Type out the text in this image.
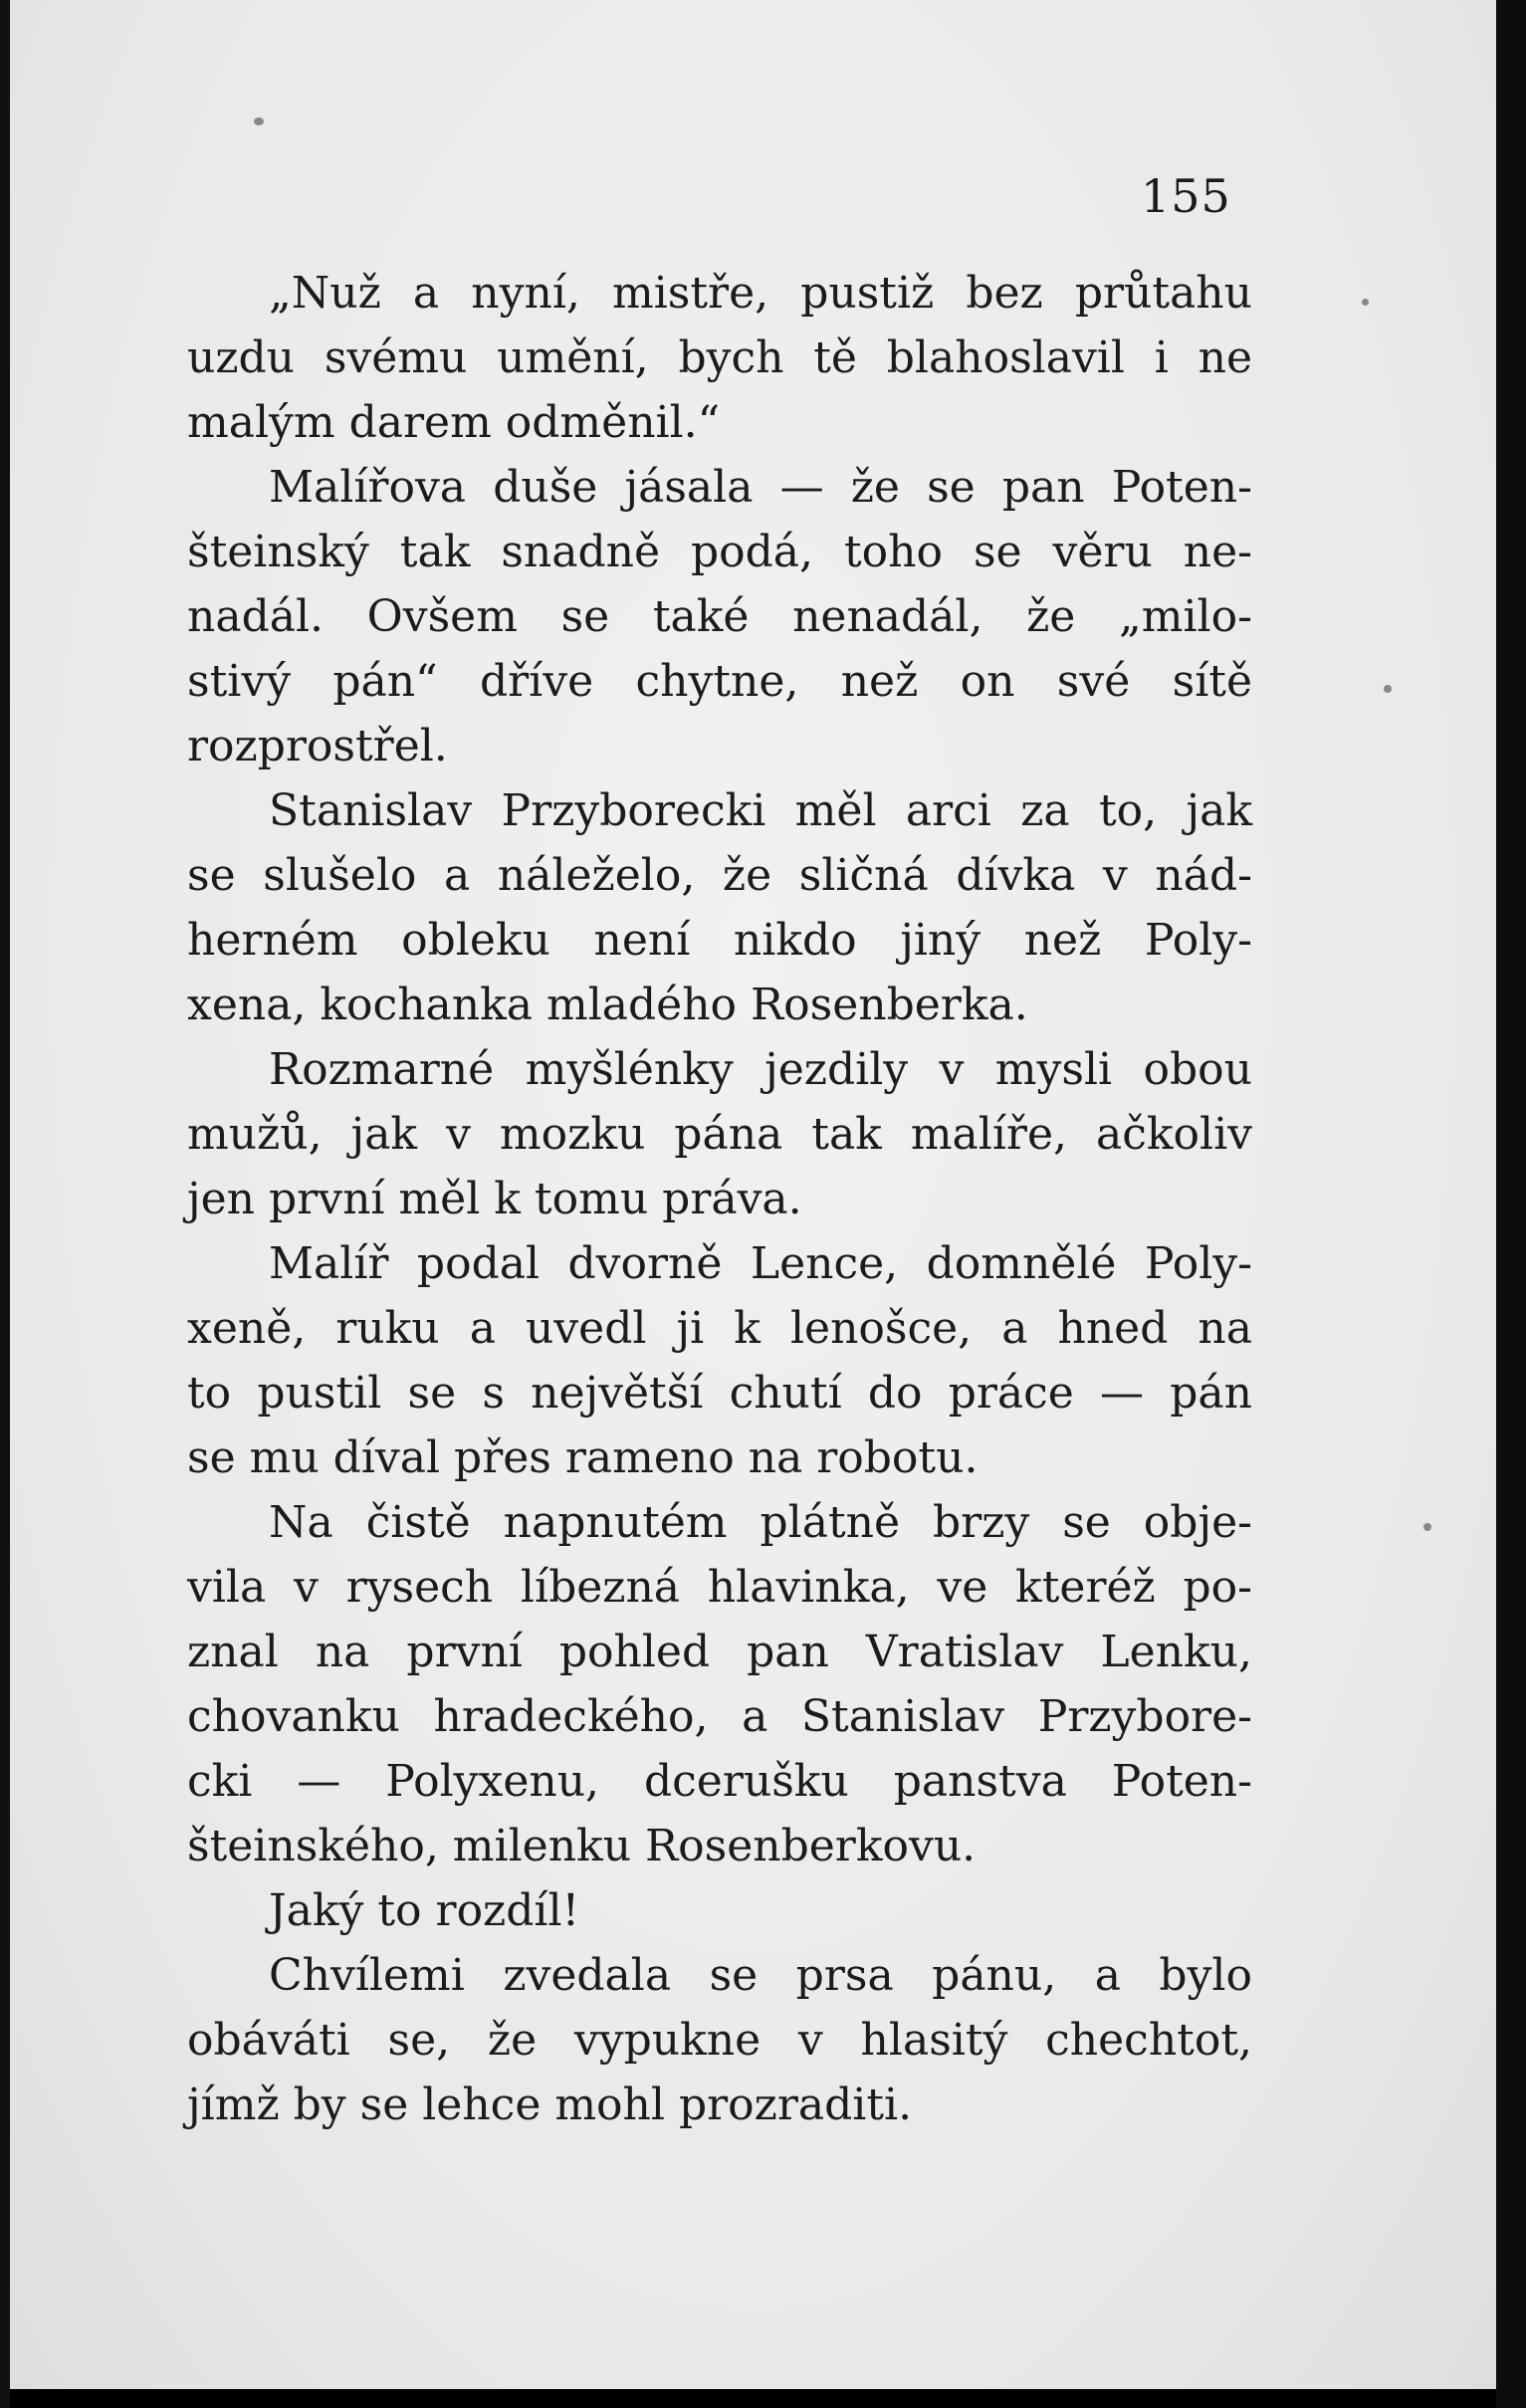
155
„Nuž a nyní, mistře, pustiž bez průtahu
uzdu svému umění, bych tě blahoslavil i ne
malým darem odměnil.“
Malířova duše jásala — že se pan Poten-
šteinský tak snadně podá, toho se věru ne-
nadál. Ovšem se také nenadál, že „milo-
stivý pán“ dříve chytne, než on své sítě
rozprostřel.
Stanislav Przyborecki měl arci za to, jak
se slušelo a náleželo, že sličná dívka v nád-
herném obleku není nikdo jiný než Poly-
xena, kochanka mladého Rosenberka.
Rozmarné myšlénky jezdily v mysli obou
mužů, jak v mozku pána tak malíře, ačkoliv
jen první měl k tomu práva.
Malíř podal dvorně Lence, domnělé Poly-
xeně, ruku a uvedl ji k lenošce, a hned na
to pustil se s největší chutí do práce — pán
se mu díval přes rameno na robotu.
Na čistě napnutém plátně brzy se obje-
vila v rysech líbezná hlavinka, ve kteréž po-
znal na první pohled pan Vratislav Lenku,
chovanku hradeckého, a Stanislav Przybore-
cki — Polyxenu, dcerušku panstva Poten-
šteinského, milenku Rosenberkovu.
Jaký to rozdíl!
Chvílemi zvedala se prsa pánu, a bylo
obáváti se, že vypukne v hlasitý chechtot,
jímž by se lehce mohl prozraditi.
